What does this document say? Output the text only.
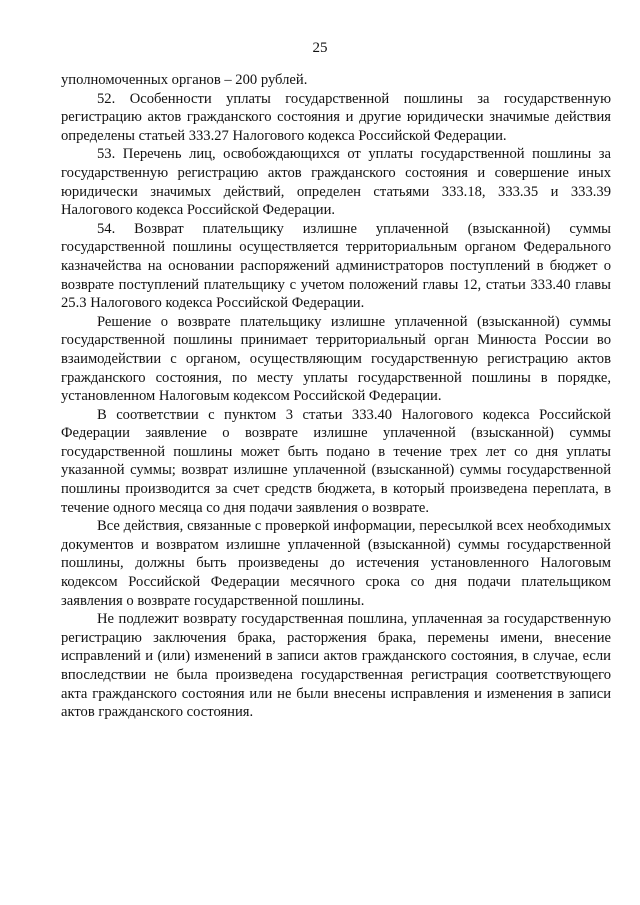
25

уполномоченных органов – 200 рублей.

52. Особенности уплаты государственной пошлины за государственную регистрацию актов гражданского состояния и другие юридически значимые действия определены статьей 333.27 Налогового кодекса Российской Федерации.

53. Перечень лиц, освобождающихся от уплаты государственной пошлины за государственную регистрацию актов гражданского состояния и совершение иных юридически значимых действий, определен статьями 333.18, 333.35 и 333.39 Налогового кодекса Российской Федерации.

54. Возврат плательщику излишне уплаченной (взысканной) суммы государственной пошлины осуществляется территориальным органом Федерального казначейства на основании распоряжений администраторов поступлений в бюджет о возврате поступлений плательщику с учетом положений главы 12, статьи 333.40 главы 25.3 Налогового кодекса Российской Федерации.

Решение о возврате плательщику излишне уплаченной (взысканной) суммы государственной пошлины принимает территориальный орган Минюста России во взаимодействии с органом, осуществляющим государственную регистрацию актов гражданского состояния, по месту уплаты государственной пошлины в порядке, установленном Налоговым кодексом Российской Федерации.

В соответствии с пунктом 3 статьи 333.40 Налогового кодекса Российской Федерации заявление о возврате излишне уплаченной (взысканной) суммы государственной пошлины может быть подано в течение трех лет со дня уплаты указанной суммы; возврат излишне уплаченной (взысканной) суммы государственной пошлины производится за счет средств бюджета, в который произведена переплата, в течение одного месяца со дня подачи заявления о возврате.

Все действия, связанные с проверкой информации, пересылкой всех необходимых документов и возвратом излишне уплаченной (взысканной) суммы государственной пошлины, должны быть произведены до истечения установленного Налоговым кодексом Российской Федерации месячного срока со дня подачи плательщиком заявления о возврате государственной пошлины.

Не подлежит возврату государственная пошлина, уплаченная за государственную регистрацию заключения брака, расторжения брака, перемены имени, внесение исправлений и (или) изменений в записи актов гражданского состояния, в случае, если впоследствии не была произведена государственная регистрация соответствующего акта гражданского состояния или не были внесены исправления и изменения в записи актов гражданского состояния.
